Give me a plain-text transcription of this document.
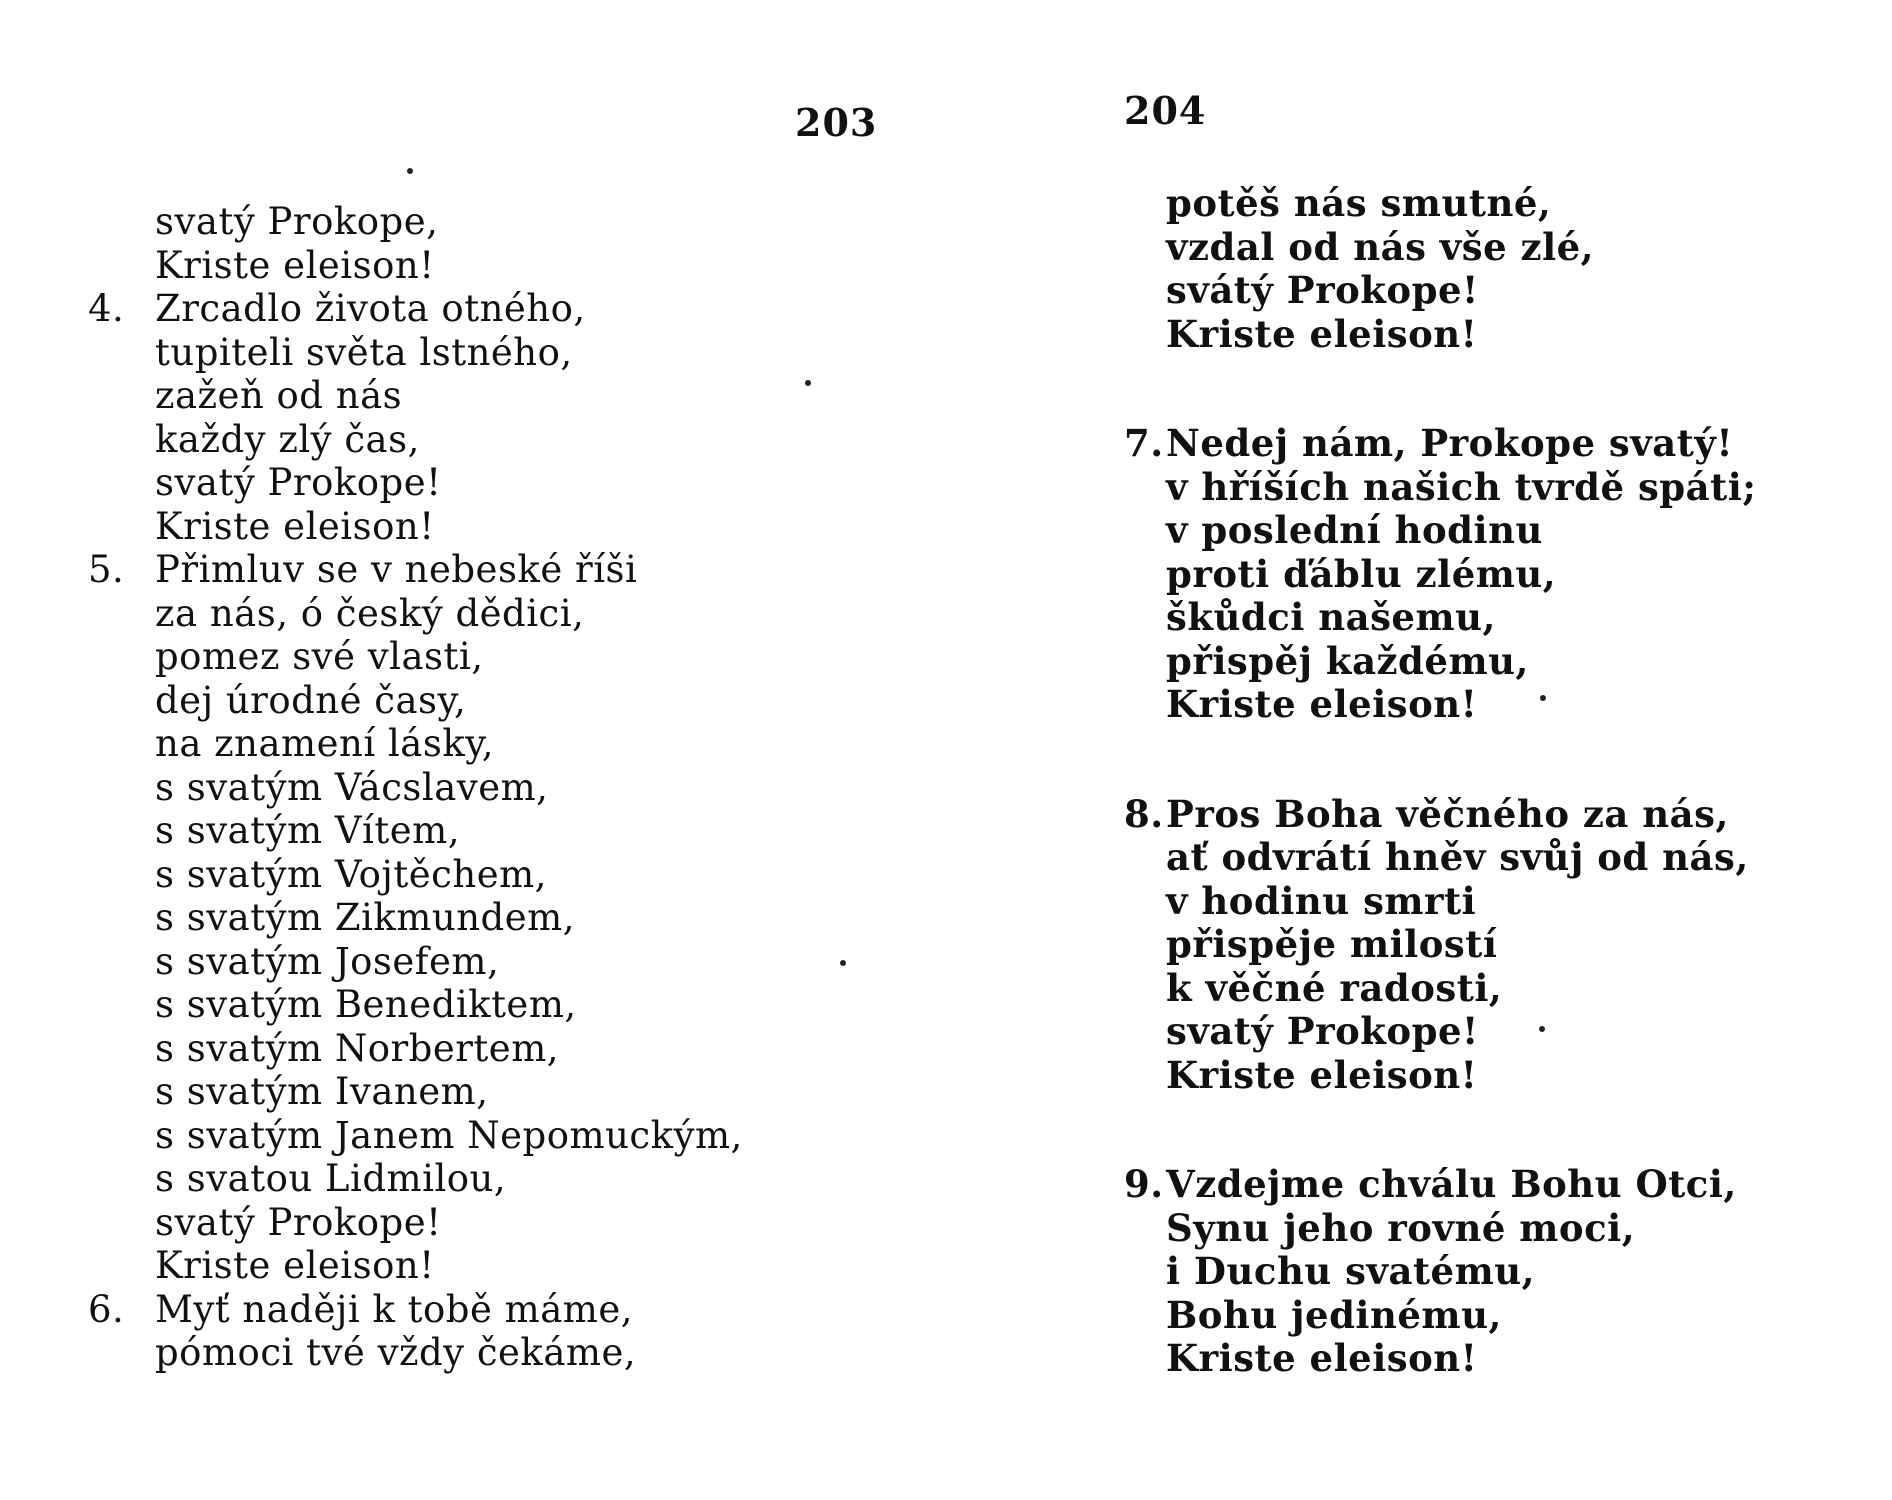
203
svatý Prokope,
Kriste eleison!
4. Zrcadlo života otného,
tupiteli světa lstného,
zažeň od nás
každy zlý čas,
svatý Prokope!
Kriste eleison!
5. Přimluv se v nebeské říši
za nás, ó český dědici,
pomez své vlasti,
dej úrodné časy,
na znamení lásky,
s svatým Vácslavem,
s svatým Vítem,
s svatým Vojtěchem,
s svatým Zikmundem,
s svatým Josefem,
s svatým Benediktem,
s svatým Norbertem,
s svatým Ivanem,
s svatým Janem Nepomuckým,
s svatou Lidmilou,
svatý Prokope!
Kriste eleison!
6. Myť naději k tobě máme,
pómoci tvé vždy čekáme,
204
potěš nás smutné,
vzdal od nás vše zlé,
svátý Prokope!
Kriste eleison!
7. Nedej nám, Prokope svatý!
v hříších našich tvrdě spáti;
v poslední hodinu
proti ďáblu zlému,
škůdci našemu,
přispěj každému,
Kriste eleison!
8. Pros Boha věčného za nás,
ať odvrátí hněv svůj od nás,
v hodinu smrti
přispěje milostí
k věčné radosti,
svatý Prokope!
Kriste eleison!
9. Vzdejme chválu Bohu Otci,
Synu jeho rovné moci,
i Duchu svatému,
Bohu jedinému,
Kriste eleison!
